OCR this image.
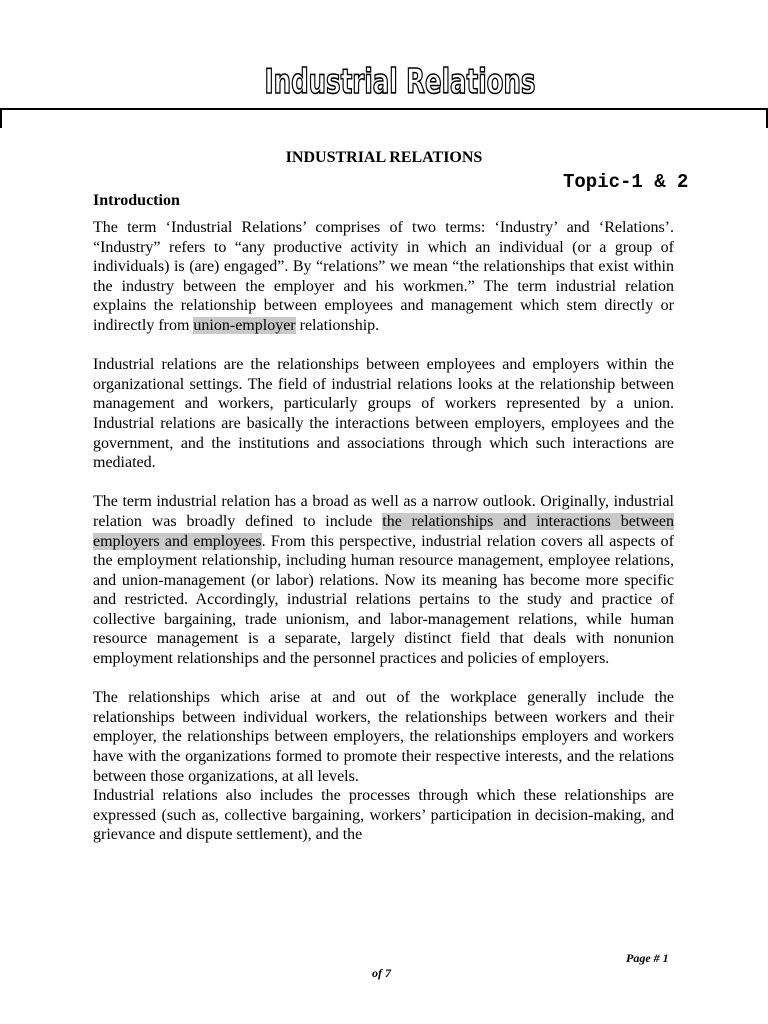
Industrial Relations
INDUSTRIAL RELATIONS
Topic-1 & 2
Introduction

The term ‘Industrial Relations’ comprises of two terms: ‘Industry’ and ‘Relations’. “Industry” refers to “any productive activity in which an individual (or a group of individuals) is (are) engaged”. By “relations” we mean “the relationships that exist within the industry between the employer and his workmen.” The term industrial relation explains the relationship between employees and management which stem directly or indirectly from union-employer relationship.

Industrial relations are the relationships between employees and employers within the organizational settings. The field of industrial relations looks at the relationship between management and workers, particularly groups of workers represented by a union. Industrial relations are basically the interactions between employers, employees and the government, and the institutions and associations through which such interactions are mediated.

The term industrial relation has a broad as well as a narrow outlook. Originally, industrial relation was broadly defined to include the relationships and interactions between employers and employees. From this perspective, industrial relation covers all aspects of the employment relationship, including human resource management, employee relations, and union-management (or labor) relations. Now its meaning has become more specific and restricted. Accordingly, industrial relations pertains to the study and practice of collective bargaining, trade unionism, and labor-management relations, while human resource management is a separate, largely distinct field that deals with nonunion employment relationships and the personnel practices and policies of employers.

The relationships which arise at and out of the workplace generally include the relationships between individual workers, the relationships between workers and their employer, the relationships between employers, the relationships employers and workers have with the organizations formed to promote their respective interests, and the relations between those organizations, at all levels.

Industrial relations also includes the processes through which these relationships are expressed (such as, collective bargaining, workers’ participation in decision-making, and grievance and dispute settlement), and the

Page # 1
of 7
